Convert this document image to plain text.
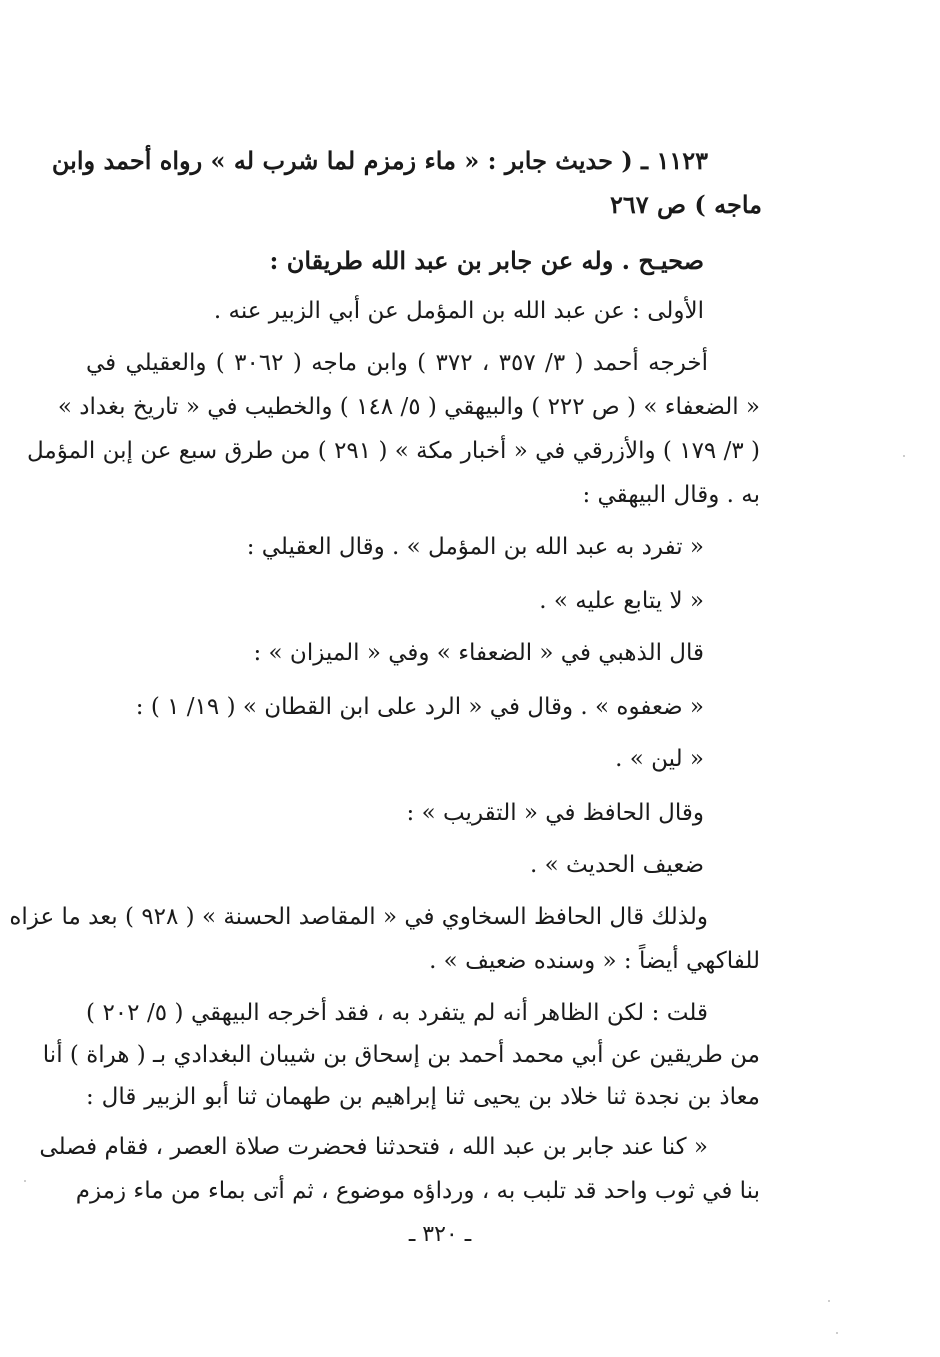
١١٢٣ ـ ( حديث جابر : « ماء زمزم لما شرب له » رواه أحمد وابن
ماجه ) ص ٢٦٧
صحيـح . وله عن جابر بن عبد الله طريقان :
الأولى : عن عبد الله بن المؤمل عن أبي الزبير عنه .
أخرجه أحمد ( ٣/ ٣٥٧ ، ٣٧٢ ) وابن ماجه ( ٣٠٦٢ ) والعقيلي في
« الضعفاء » ( ص ٢٢٢ ) والبيهقي ( ٥/ ١٤٨ ) والخطيب في « تاريخ بغداد »
( ٣/ ١٧٩ ) والأزرقي في « أخبار مكة » ( ٢٩١ ) من طرق سبع عن إبن المؤمل
به . وقال البيهقي :
« تفرد به عبد الله بن المؤمل » . وقال العقيلي :
« لا يتابع عليه » .
قال الذهبي في « الضعفاء » وفي « الميزان » :
« ضعفوه » . وقال في « الرد على ابن القطان » ( ١٩/ ١ ) :
« لين » .
وقال الحافظ في « التقريب » :
ضعيف الحديث » .
ولذلك قال الحافظ السخاوي في « المقاصد الحسنة » ( ٩٢٨ ) بعد ما عزاه
للفاكهي أيضاً : « وسنده ضعيف » .
قلت : لكن الظاهر أنه لم يتفرد به ، فقد أخرجه البيهقي ( ٥/ ٢٠٢ )
من طريقين عن أبي محمد أحمد بن إسحاق بن شيبان البغدادي بـ ( هراة ) أنا
معاذ بن نجدة ثنا خلاد بن يحيى ثنا إبراهيم بن طهمان ثنا أبو الزبير قال :
« كنا عند جابر بن عبد الله ، فتحدثنا فحضرت صلاة العصر ، فقام فصلى
بنا في ثوب واحد قد تلبب به ، ورداؤه موضوع ، ثم أتى بماء من ماء زمزم
ـ ٣٢٠ ـ
